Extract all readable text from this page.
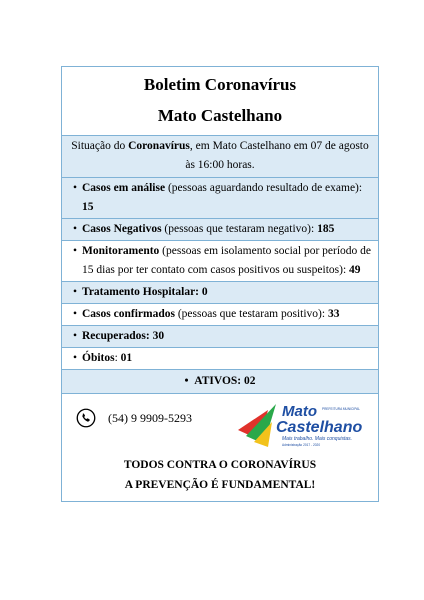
Boletim Coronavírus
Mato Castelhano
Situação do Coronavírus, em Mato Castelhano em 07 de agosto às 16:00 horas.
• Casos em análise (pessoas aguardando resultado de exame): 15
• Casos Negativos (pessoas que testaram negativo): 185
• Monitoramento (pessoas em isolamento social por período de 15 dias por ter contato com casos positivos ou suspeitos): 49
• Tratamento Hospitalar: 0
• Casos confirmados (pessoas que testaram positivo): 33
• Recuperados: 30
• Óbitos: 01
• ATIVOS: 02
(54) 9 9909-5293	Mato PREFEITURA MUNICIPAL
Castelhano
Mais trabalho. Mais conquistas.
Administração 2017 - 2020
TODOS CONTRA O CORONAVÍRUS
A PREVENÇÃO É FUNDAMENTAL!
